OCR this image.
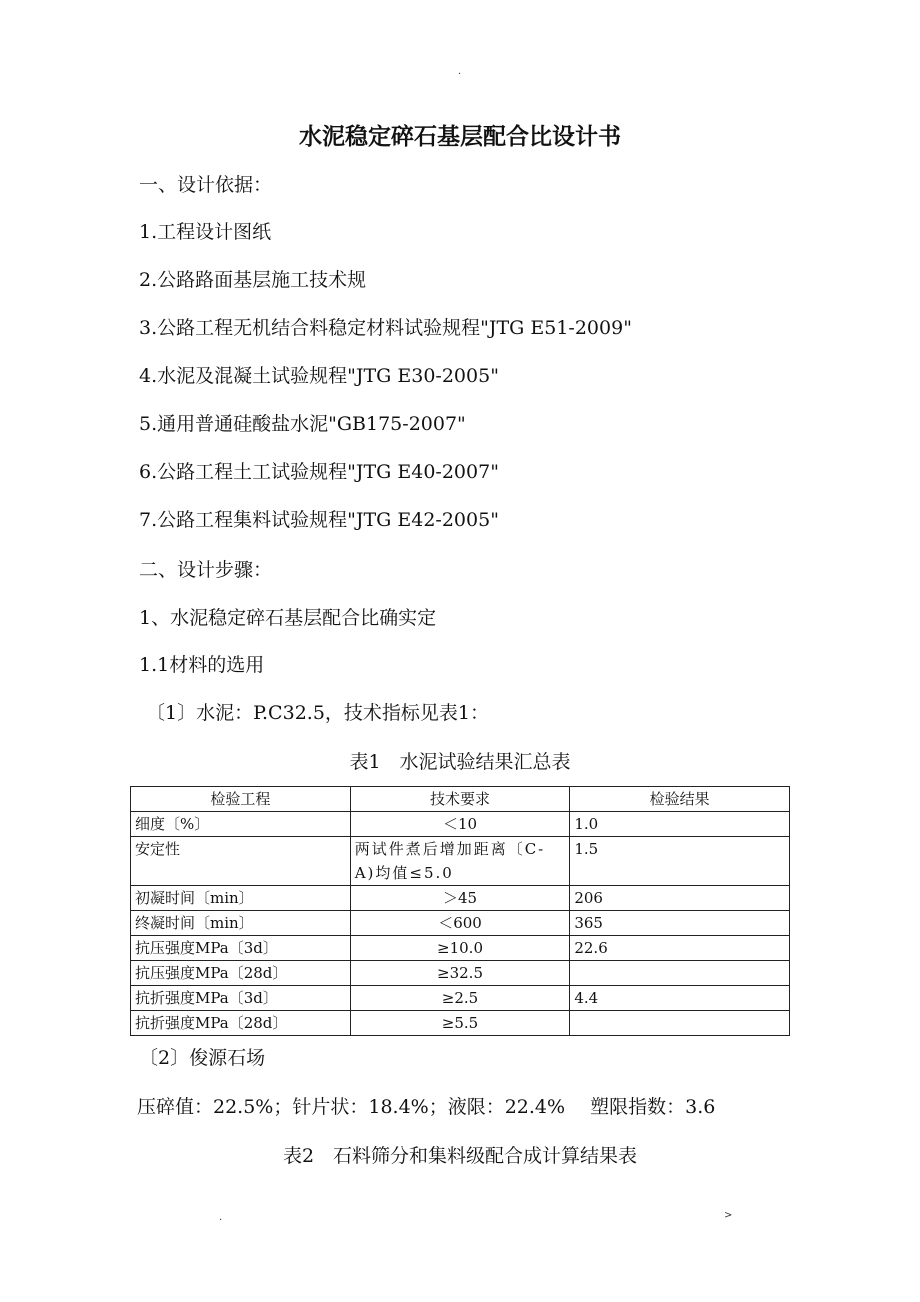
.
水泥稳定碎石基层配合比设计书
一、设计依据：
1.工程设计图纸
2.公路路面基层施工技术规
3.公路工程无机结合料稳定材料试验规程"JTG E51-2009"
4.水泥及混凝土试验规程"JTG E30-2005"
5.通用普通硅酸盐水泥"GB175-2007"
6.公路工程土工试验规程"JTG E40-2007"
7.公路工程集料试验规程"JTG E42-2005"
二、设计步骤：
1、水泥稳定碎石基层配合比确实定
1.1材料的选用
〔1〕水泥：P.C32.5，技术指标见表1：
表1　水泥试验结果汇总表
检验工程	技术要求	检验结果
细度〔%〕	＜10	1.0
安定性	两试件煮后增加距离〔C-A)均值≤5.0	1.5
初凝时间〔min〕	＞45	206
终凝时间〔min〕	＜600	365
抗压强度MPa〔3d〕	≥10.0	22.6
抗压强度MPa〔28d〕	≥32.5	
抗折强度MPa〔3d〕	≥2.5	4.4
抗折强度MPa〔28d〕	≥5.5	
〔2〕俊源石场
压碎值：22.5%；针片状：18.4%；液限：22.4%　 塑限指数：3.6
表2　石料筛分和集料级配合成计算结果表
.	>
